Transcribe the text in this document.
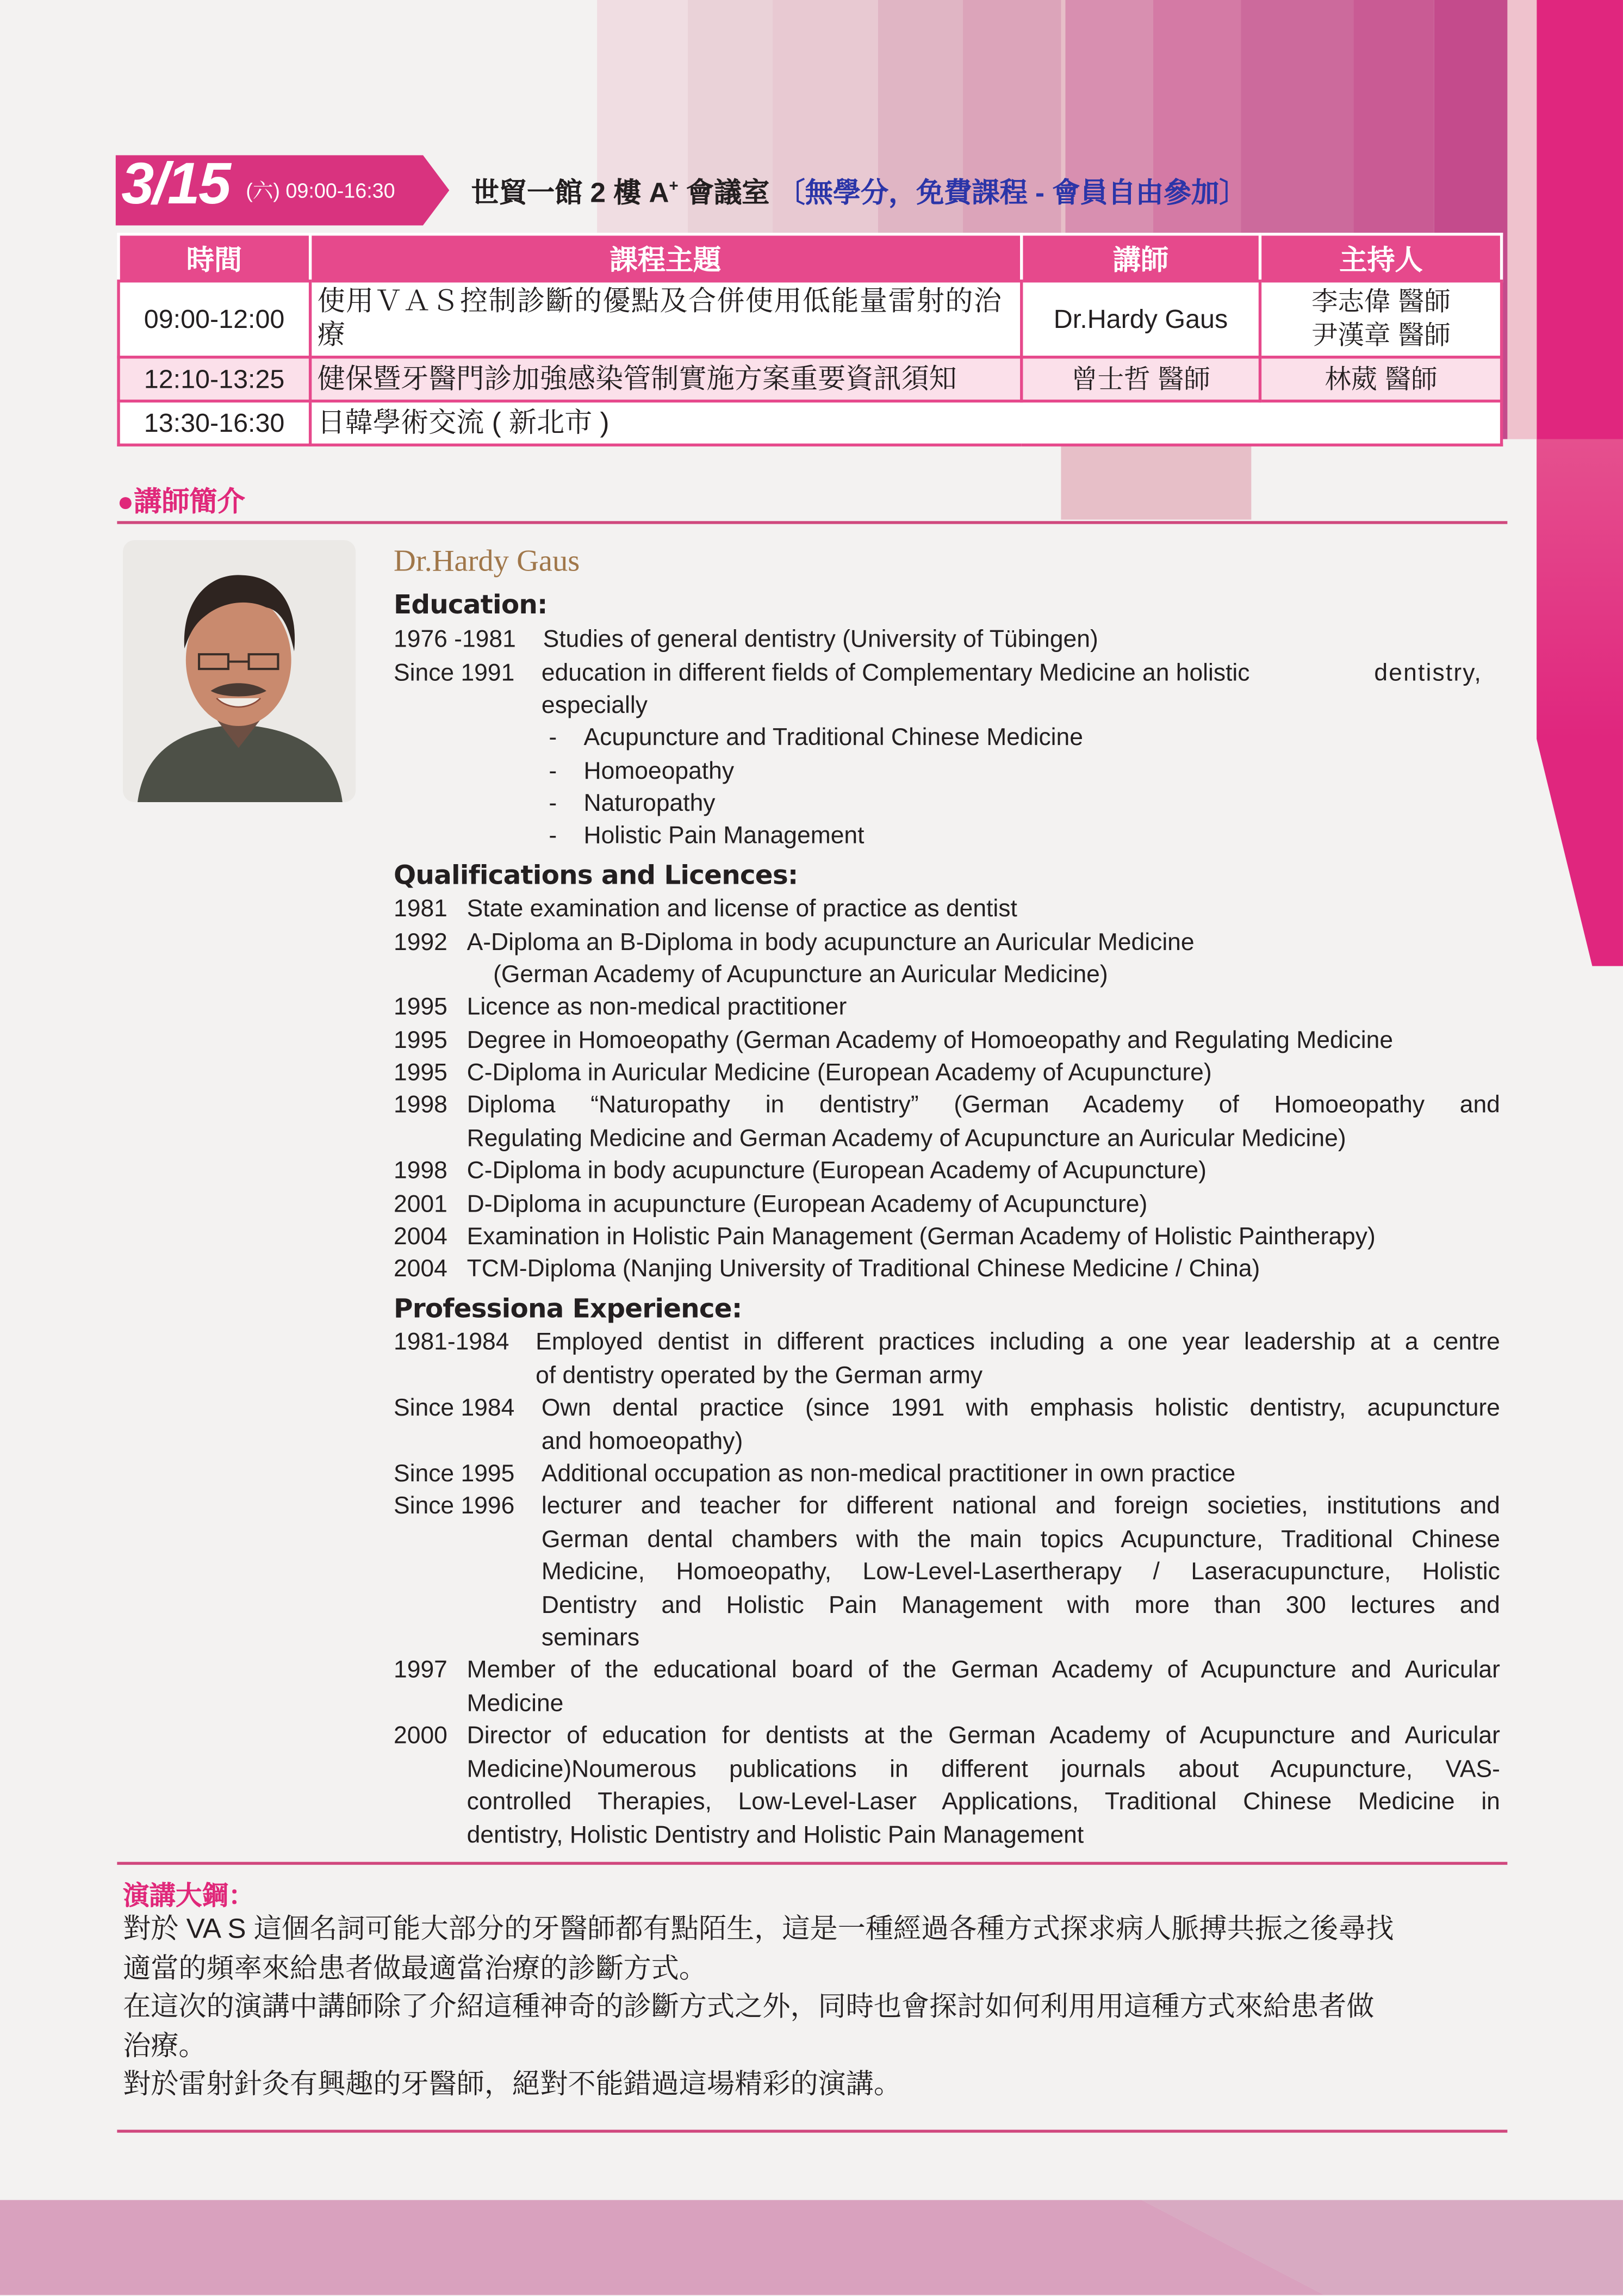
3/15 (六) 09:00-16:30	世貿一館 2 樓 A+ 會議室 〔無學分，免費課程 - 會員自由參加〕
時間	課程主題	講師	主持人
09:00-12:00	使用ＶＡＳ控制診斷的優點及合併使用低能量雷射的治療	Dr.Hardy Gaus	李志偉 醫師
尹漢章 醫師

12:10-13:25	健保暨牙醫門診加強感染管制實施方案重要資訊須知	曾士哲 醫師	林葳 醫師
13:30-16:30	日韓學術交流 ( 新北市 )		
●講師簡介
Dr.Hardy Gaus
Education:
1976 -1981	Studies of general dentistry (University of Tübingen)
Since 1991	education in different fields of Complementary Medicine an holistic	dentistry,
especially
-    Acupuncture and Traditional Chinese Medicine
-    Homoeopathy
-    Naturopathy
-    Holistic Pain Management
Qualifications and Licences:
1981 State examination and license of practice as dentist
1992 A-Diploma an B-Diploma in body acupuncture an Auricular Medicine
(German Academy of Acupuncture an Auricular Medicine)
1995 Licence as non-medical practitioner
1995 Degree in Homoeopathy (German Academy of Homoeopathy and Regulating Medicine
1995 C-Diploma in Auricular Medicine (European Academy of Acupuncture)
1998 Diploma “Naturopathy in dentistry” (German Academy of Homoeopathy and
Regulating Medicine and German Academy of Acupuncture an Auricular Medicine)
1998 C-Diploma in body acupuncture (European Academy of Acupuncture)
2001 D-Diploma in acupuncture (European Academy of Acupuncture)
2004 Examination in Holistic Pain Management (German Academy of Holistic Paintherapy)
2004 TCM-Diploma (Nanjing University of Traditional Chinese Medicine / China)
Professiona Experience:
1981-1984	Employed dentist in different practices including a one year leadership at a centre
of dentistry operated by the German army
Since 1984	Own dental practice (since 1991 with emphasis holistic dentistry, acupuncture
and homoeopathy)
Since 1995	Additional occupation as non-medical practitioner in own practice
Since 1996	lecturer and teacher for different national and foreign societies, institutions and
German dental chambers with the main topics Acupuncture, Traditional Chinese
Medicine, Homoeopathy, Low-Level-Lasertherapy / Laseracupuncture, Holistic
Dentistry and Holistic Pain Management with more than 300 lectures and
seminars
1997 Member of the educational board of the German Academy of Acupuncture and Auricular
Medicine
2000 Director of education for dentists at the German Academy of Acupuncture and Auricular
Medicine)Noumerous publications in different journals about Acupuncture, VAS-
controlled Therapies, Low-Level-Laser Applications, Traditional Chinese Medicine in
dentistry, Holistic Dentistry and Holistic Pain Management
演講大鋼：

對於 VA S 這個名詞可能大部分的牙醫師都有點陌生，這是一種經過各種方式探求病人脈搏共振之後尋找

適當的頻率來給患者做最適當治療的診斷方式。

在這次的演講中講師除了介紹這種神奇的診斷方式之外，同時也會探討如何利用用這種方式來給患者做

治療。

對於雷射針灸有興趣的牙醫師，絕對不能錯過這場精彩的演講。
